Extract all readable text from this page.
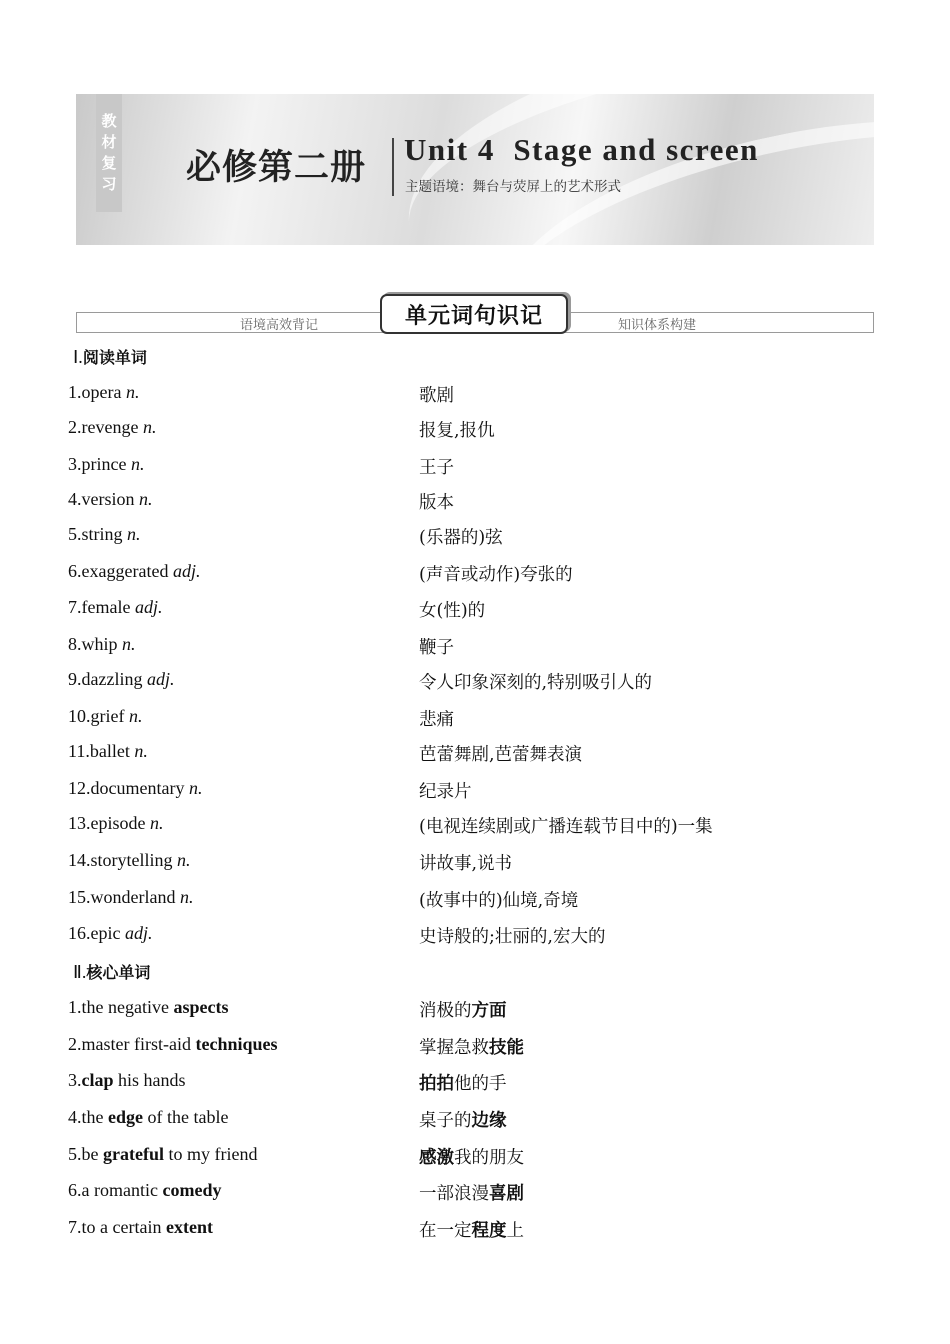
教
材
复
习 必修第二册 Unit 4  Stage and screen
主题语境：舞台与荧屏上的艺术形式
语境高效背记	知识体系构建
单元词句识记
Ⅰ.阅读单词
1.opera n.	歌剧
2.revenge n.	报复,报仇
3.prince n.	王子
4.version n.	版本
5.string n.	(乐器的)弦
6.exaggerated adj.	(声音或动作)夸张的
7.female adj.	女(性)的
8.whip n.	鞭子
9.dazzling adj.	令人印象深刻的,特别吸引人的
10.grief n.	悲痛
11.ballet n.	芭蕾舞剧,芭蕾舞表演
12.documentary n.	纪录片
13.episode n.	(电视连续剧或广播连载节目中的)一集
14.storytelling n.	讲故事,说书
15.wonderland n.	(故事中的)仙境,奇境
16.epic adj.	史诗般的;壮丽的,宏大的
Ⅱ.核心单词
1.the negative aspects	消极的方面
2.master first-aid techniques	掌握急救技能
3.clap his hands	拍拍他的手
4.the edge of the table	桌子的边缘
5.be grateful to my friend	感激我的朋友
6.a romantic comedy	一部浪漫喜剧
7.to a certain extent	在一定程度上
